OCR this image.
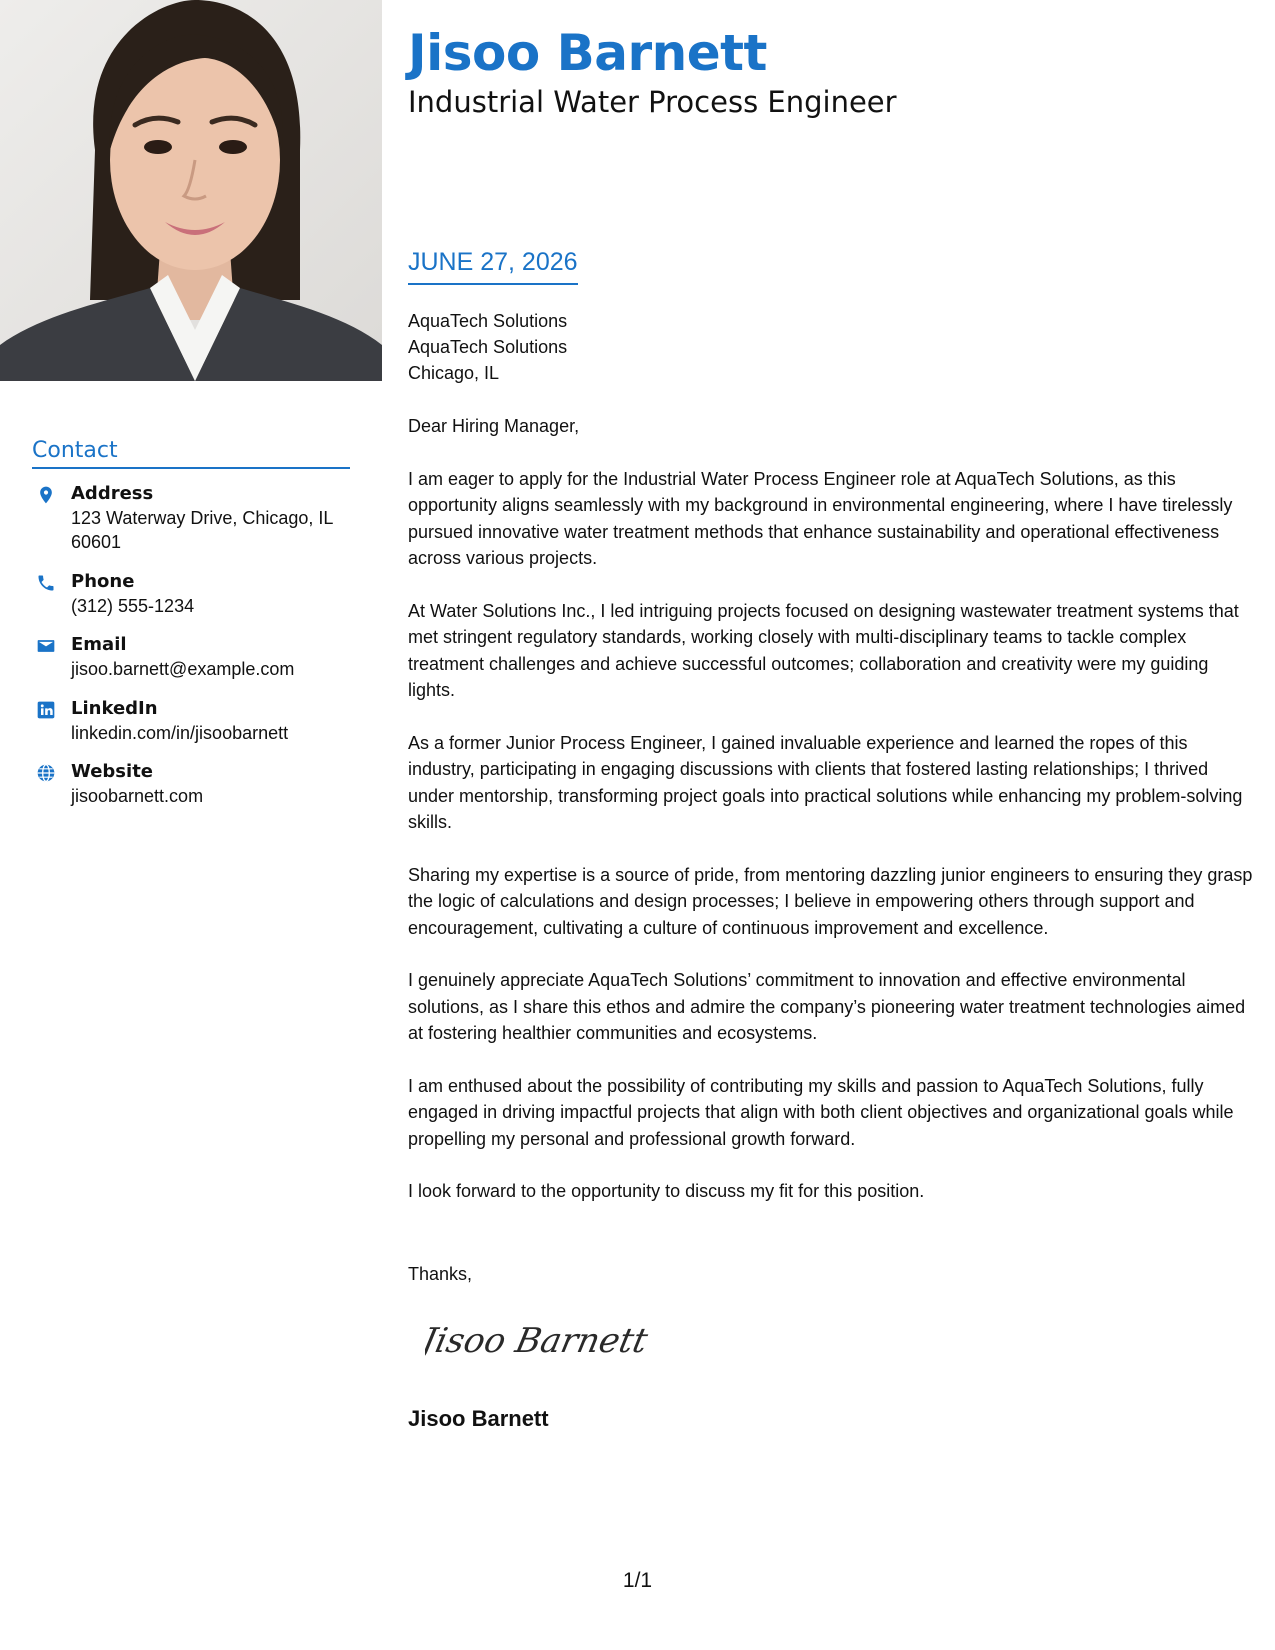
Jisoo Barnett
Industrial Water Process Engineer
JUNE 27, 2026
AquaTech Solutions
AquaTech Solutions
Chicago, IL

Dear Hiring Manager,

I am eager to apply for the Industrial Water Process Engineer role at AquaTech Solutions, as this opportunity aligns seamlessly with my background in environmental engineering, where I have tirelessly pursued innovative water treatment methods that enhance sustainability and operational effectiveness across various projects.

At Water Solutions Inc., I led intriguing projects focused on designing wastewater treatment systems that met stringent regulatory standards, working closely with multi-disciplinary teams to tackle complex treatment challenges and achieve successful outcomes; collaboration and creativity were my guiding lights.

As a former Junior Process Engineer, I gained invaluable experience and learned the ropes of this industry, participating in engaging discussions with clients that fostered lasting relationships; I thrived under mentorship, transforming project goals into practical solutions while enhancing my problem-solving skills.

Sharing my expertise is a source of pride, from mentoring dazzling junior engineers to ensuring they grasp the logic of calculations and design processes; I believe in empowering others through support and encouragement, cultivating a culture of continuous improvement and excellence.

I genuinely appreciate AquaTech Solutions’ commitment to innovation and effective environmental solutions, as I share this ethos and admire the company’s pioneering water treatment technologies aimed at fostering healthier communities and ecosystems.

I am enthused about the possibility of contributing my skills and passion to AquaTech Solutions, fully engaged in driving impactful projects that align with both client objectives and organizational goals while propelling my personal and professional growth forward.

I look forward to the opportunity to discuss my fit for this position.

Thanks,
Jisoo Barnett
Jisoo Barnett
Contact
Address
123 Waterway Drive, Chicago, IL 60601
Phone
(312) 555-1234
Email
jisoo.barnett@example.com
LinkedIn
linkedin.com/in/jisoobarnett
Website
jisoobarnett.com
1/1
